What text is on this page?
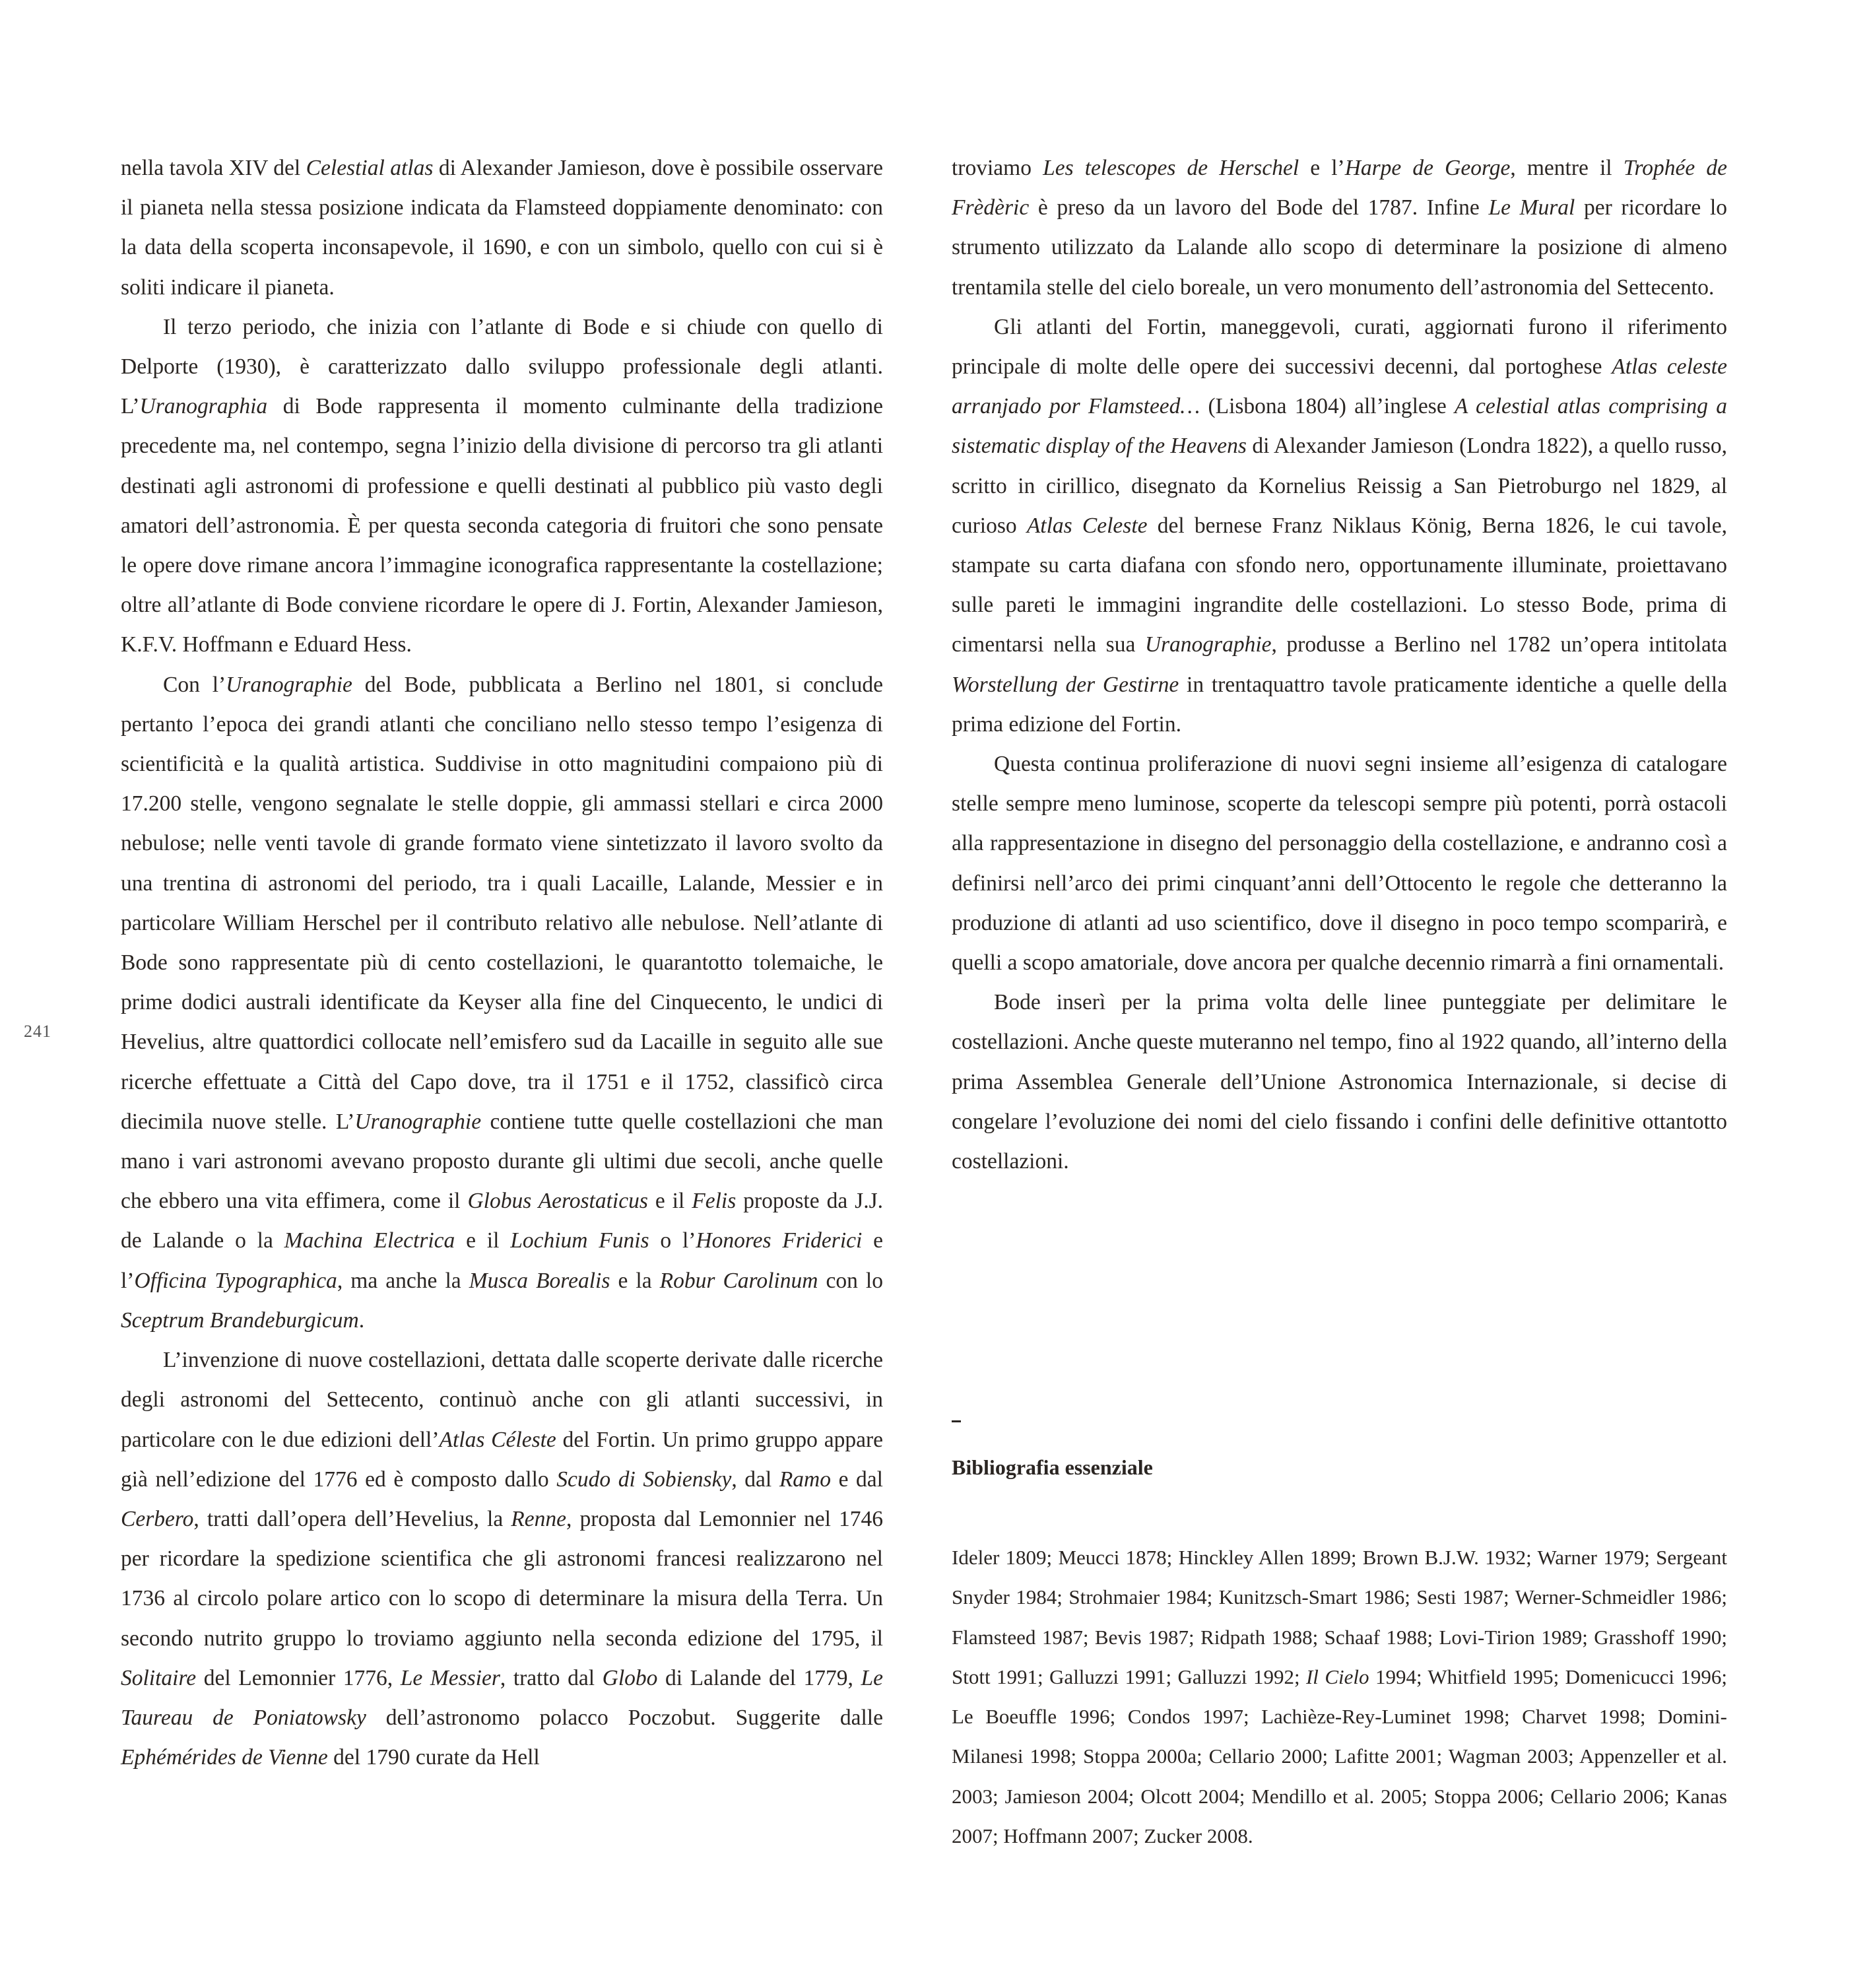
241

nella tavola XIV del Celestial atlas di Alexander Jamieson, dove è possibile osservare il pianeta nella stessa posizione indicata da Flamsteed doppiamente denominato: con la data della scoperta inconsapevole, il 1690, e con un simbolo, quello con cui si è soliti indicare il pianeta.

Il terzo periodo, che inizia con l’atlante di Bode e si chiude con quello di Delporte (1930), è caratterizzato dallo sviluppo professionale degli atlanti. L’Uranographia di Bode rappresenta il momento culminante della tradizione precedente ma, nel contempo, segna l’inizio della divisione di percorso tra gli atlanti destinati agli astronomi di professione e quelli destinati al pubblico più vasto degli amatori dell’astronomia. È per questa seconda categoria di fruitori che sono pensate le opere dove rimane ancora l’immagine iconografica rappresentante la costellazione; oltre all’atlante di Bode conviene ricordare le opere di J. Fortin, Alexander Jamieson, K.F.V. Hoffmann e Eduard Hess.

Con l’Uranographie del Bode, pubblicata a Berlino nel 1801, si conclude pertanto l’epoca dei grandi atlanti che conciliano nello stesso tempo l’esigenza di scientificità e la qualità artistica. Suddivise in otto magnitudini compaiono più di 17.200 stelle, vengono segnalate le stelle doppie, gli ammassi stellari e circa 2000 nebulose; nelle venti tavole di grande formato viene sintetizzato il lavoro svolto da una trentina di astronomi del periodo, tra i quali Lacaille, Lalande, Messier e in particolare William Herschel per il contributo relativo alle nebulose. Nell’atlante di Bode sono rappresentate più di cento costellazioni, le quarantotto tolemaiche, le prime dodici australi identificate da Keyser alla fine del Cinquecento, le undici di Hevelius, altre quattordici collocate nell’emisfero sud da Lacaille in seguito alle sue ricerche effettuate a Città del Capo dove, tra il 1751 e il 1752, classificò circa diecimila nuove stelle. L’Uranographie contiene tutte quelle costellazioni che man mano i vari astronomi avevano proposto durante gli ultimi due secoli, anche quelle che ebbero una vita effimera, come il Globus Aerostaticus e il Felis proposte da J.J. de Lalande o la Machina Electrica e il Lochium Funis o l’Honores Friderici e l’Officina Typographica, ma anche la Musca Borealis e la Robur Carolinum con lo Sceptrum Brandeburgicum.

L’invenzione di nuove costellazioni, dettata dalle scoperte derivate dalle ricerche degli astronomi del Settecento, continuò anche con gli atlanti successivi, in particolare con le due edizioni dell’Atlas Céleste del Fortin. Un primo gruppo appare già nell’edizione del 1776 ed è composto dallo Scudo di Sobiensky, dal Ramo e dal Cerbero, tratti dall’opera dell’Hevelius, la Renne, proposta dal Lemonnier nel 1746 per ricordare la spedizione scientifica che gli astronomi francesi realizzarono nel 1736 al circolo polare artico con lo scopo di determinare la misura della Terra. Un secondo nutrito gruppo lo troviamo aggiunto nella seconda edizione del 1795, il Solitaire del Lemonnier 1776, Le Messier, tratto dal Globo di Lalande del 1779, Le Taureau de Poniatowsky dell’astronomo polacco Poczobut. Suggerite dalle Ephémérides de Vienne del 1790 curate da Hell

troviamo Les telescopes de Herschel e l’Harpe de George, mentre il Trophée de Frèdèric è preso da un lavoro del Bode del 1787. Infine Le Mural per ricordare lo strumento utilizzato da Lalande allo scopo di determinare la posizione di almeno trentamila stelle del cielo boreale, un vero monumento dell’astronomia del Settecento.

Gli atlanti del Fortin, maneggevoli, curati, aggiornati furono il riferimento principale di molte delle opere dei successivi decenni, dal portoghese Atlas celeste arranjado por Flamsteed… (Lisbona 1804) all’inglese A celestial atlas comprising a sistematic display of the Heavens di Alexander Jamieson (Londra 1822), a quello russo, scritto in cirillico, disegnato da Kornelius Reissig a San Pietroburgo nel 1829, al curioso Atlas Celeste del bernese Franz Niklaus König, Berna 1826, le cui tavole, stampate su carta diafana con sfondo nero, opportunamente illuminate, proiettavano sulle pareti le immagini ingrandite delle costellazioni. Lo stesso Bode, prima di cimentarsi nella sua Uranographie, produsse a Berlino nel 1782 un’opera intitolata Worstellung der Gestirne in trentaquattro tavole praticamente identiche a quelle della prima edizione del Fortin.

Questa continua proliferazione di nuovi segni insieme all’esigenza di catalogare stelle sempre meno luminose, scoperte da telescopi sempre più potenti, porrà ostacoli alla rappresentazione in disegno del personaggio della costellazione, e andranno così a definirsi nell’arco dei primi cinquant’anni dell’Ottocento le regole che detteranno la produzione di atlanti ad uso scientifico, dove il disegno in poco tempo scomparirà, e quelli a scopo amatoriale, dove ancora per qualche decennio rimarrà a fini ornamentali.

Bode inserì per la prima volta delle linee punteggiate per delimitare le costellazioni. Anche queste muteranno nel tempo, fino al 1922 quando, all’interno della prima Assemblea Generale dell’Unione Astronomica Internazionale, si decise di congelare l’evoluzione dei nomi del cielo fissando i confini delle definitive ottantotto costellazioni.

Bibliografia essenziale

Ideler 1809; Meucci 1878; Hinckley Allen 1899; Brown B.J.W. 1932; Warner 1979; Sergeant Snyder 1984; Strohmaier 1984; Kunitzsch-Smart 1986; Sesti 1987; Werner-Schmeidler 1986; Flamsteed 1987; Bevis 1987; Ridpath 1988; Schaaf 1988; Lovi-Tirion 1989; Grasshoff 1990; Stott 1991; Galluzzi 1991; Galluzzi 1992; Il Cielo 1994; Whitfield 1995; Domenicucci 1996; Le Boeuffle 1996; Condos 1997; Lachièze-Rey-Luminet 1998; Charvet 1998; Domini-Milanesi 1998; Stoppa 2000a; Cellario 2000; Lafitte 2001; Wagman 2003; Appenzeller et al. 2003; Jamieson 2004; Olcott 2004; Mendillo et al. 2005; Stoppa 2006; Cellario 2006; Kanas 2007; Hoffmann 2007; Zucker 2008.
